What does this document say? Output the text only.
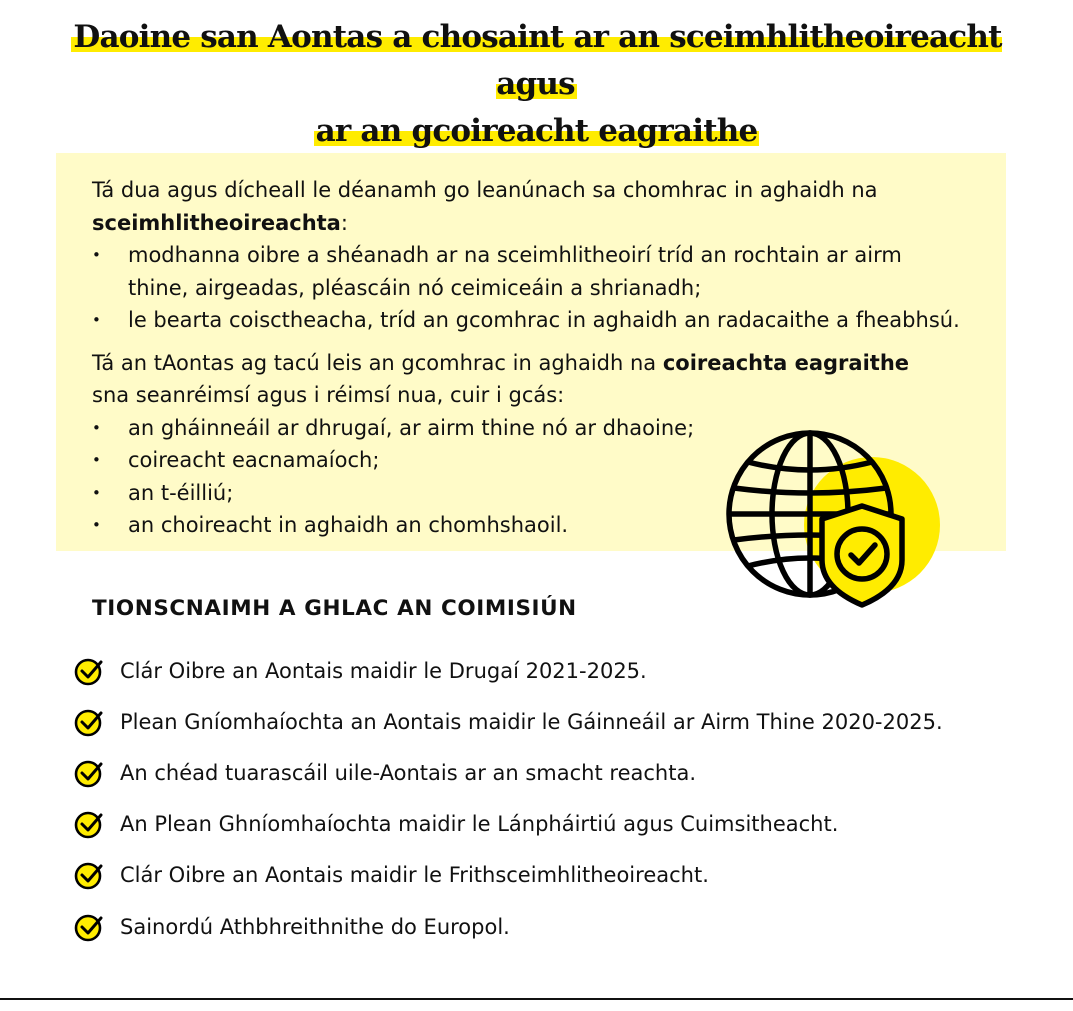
Daoine san Aontas a chosaint ar an sceimhlitheoireacht agus
ar an gcoireacht eagraithe

Tá dua agus dícheall le déanamh go leanúnach sa chomhrac in aghaidh na
sceimhlitheoireachta:

• modhanna oibre a shéanadh ar na sceimhlitheoirí tríd an rochtain ar airm thine, airgeadas, pléascáin nó ceimiceáin a shrianadh;
• le bearta coisctheacha, tríd an gcomhrac in aghaidh an radacaithe a fheabhsú.

Tá an tAontas ag tacú leis an gcomhrac in aghaidh na coireachta eagraithe
sna seanréimsí agus i réimsí nua, cuir i gcás:

• an gháinneáil ar dhrugaí, ar airm thine nó ar dhaoine;
• coireacht eacnamaíoch;
• an t-éilliú;
• an choireacht in aghaidh an chomhshaoil.
TIONSCNAIMH A GHLAC AN COIMISIÚN
Clár Oibre an Aontais maidir le Drugaí 2021-2025.
Plean Gníomhaíochta an Aontais maidir le Gáinneáil ar Airm Thine 2020-2025.
An chéad tuarascáil uile-Aontais ar an smacht reachta.
An Plean Ghníomhaíochta maidir le Lánpháirtiú agus Cuimsitheacht.
Clár Oibre an Aontais maidir le Frithsceimhlitheoireacht.
Sainordú Athbhreithnithe do Europol.
